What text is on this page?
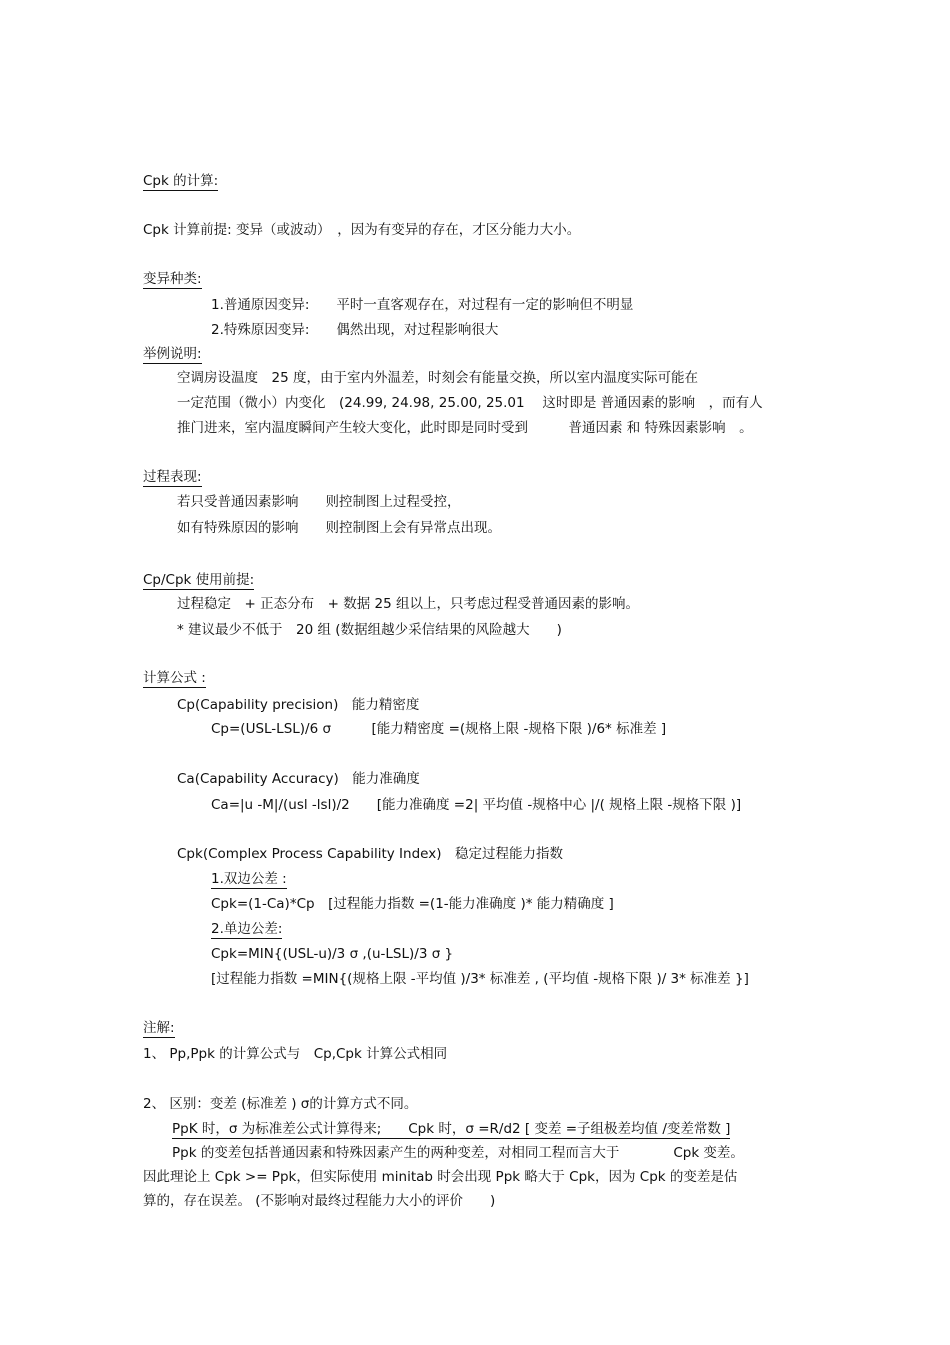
Cpk 的计算:
Cpk 计算前提: 变异（或波动）　，因为有变异的存在，才区分能力大小。
变异种类:
1.普通原因变异:　　平时一直客观存在，对过程有一定的影响但不明显
2.特殊原因变异:　　偶然出现，对过程影响很大
举例说明:
空调房设温度　25 度，由于室内外温差，时刻会有能量交换，所以室内温度实际可能在
一定范围（微小）内变化　(24.99, 24.98, 25.00, 25.01　 这时即是 普通因素的影响　，而有人
推门进来，室内温度瞬间产生较大变化，此时即是同时受到　　　普通因素 和 特殊因素影响　。
过程表现:
若只受普通因素影响　　则控制图上过程受控，
如有特殊原因的影响　　则控制图上会有异常点出现。
Cp/Cpk 使用前提:
过程稳定　+ 正态分布　+ 数据 25 组以上，只考虑过程受普通因素的影响。
* 建议最少不低于　20 组 (数据组越少采信结果的风险越大　　)
计算公式 :
Cp(Capability precision)　能力精密度
Cp=(USL-LSL)/6 σ　　　[能力精密度 =(规格上限 -规格下限 )/6* 标准差 ]
Ca(Capability Accuracy)　能力准确度
Ca=|u -M|/(usl -lsl)/2　　[能力准确度 =2| 平均值 -规格中心 |/( 规格上限 -规格下限 )]
Cpk(Complex Process Capability Index)　稳定过程能力指数
1.双边公差 :
Cpk=(1-Ca)*Cp　[过程能力指数 =(1-能力准确度 )* 能力精确度 ]
2.单边公差:
Cpk=MIN{(USL-u)/3 σ ,(u-LSL)/3 σ }
[过程能力指数 =MIN{(规格上限 -平均值 )/3* 标准差 , (平均值 -规格下限 )/ 3* 标准差 }]
注解:
1、 Pp,Ppk 的计算公式与　Cp,Cpk 计算公式相同
2、 区别：变差 (标准差 ) σ的计算方式不同。
PpK 时，σ 为标准差公式计算得来;　　Cpk 时，σ =R/d2 [ 变差 =子组极差均值 /变差常数 ]
Ppk 的变差包括普通因素和特殊因素产生的两种变差，对相同工程而言大于　　　　Cpk 变差。
因此理论上 Cpk >= Ppk，但实际使用 minitab 时会出现 Ppk 略大于 Cpk，因为 Cpk 的变差是估
算的，存在误差。 (不影响对最终过程能力大小的评价　　)
